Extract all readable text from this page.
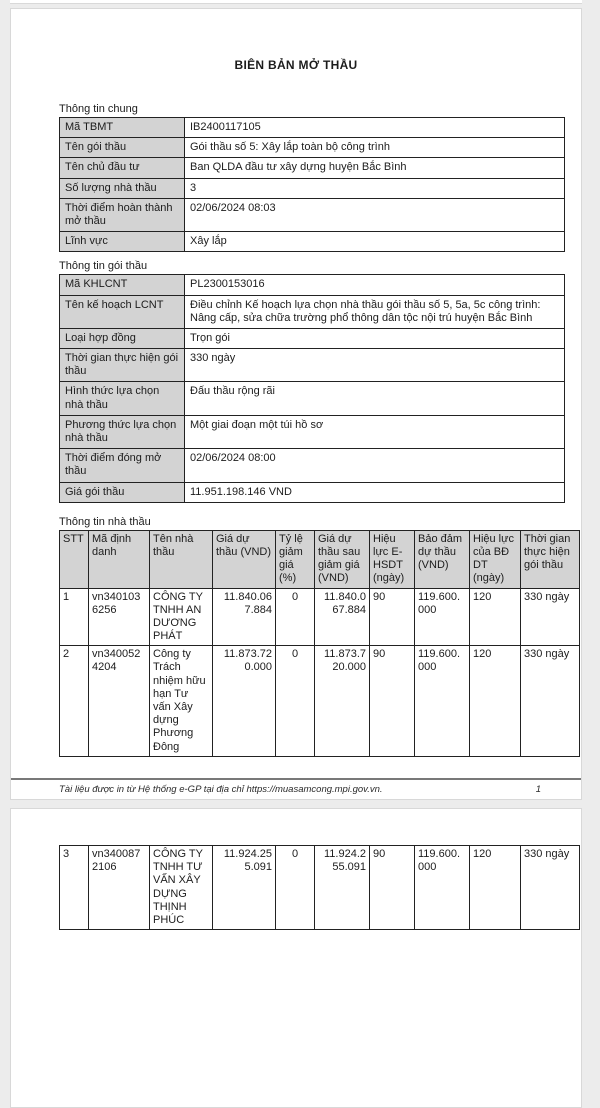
BIÊN BẢN MỞ THẦU
Thông tin chung
Mã TBMT	IB2400117105
Tên gói thầu	Gói thầu số 5: Xây lắp toàn bộ công trình
Tên chủ đầu tư	Ban QLDA đầu tư xây dựng huyện Bắc Bình
Số lượng nhà thầu	3
Thời điểm hoàn thành mở thầu	02/06/2024 08:03
Lĩnh vực	Xây lắp
Thông tin gói thầu
Mã KHLCNT	PL2300153016
Tên kế hoạch LCNT	Điều chỉnh Kế hoạch lựa chọn nhà thầu gói thầu số 5, 5a, 5c công trình: Nâng cấp, sửa chữa trường phổ thông dân tộc nội trú huyện Bắc Bình
Loại hợp đồng	Trọn gói
Thời gian thực hiện gói thầu	330 ngày
Hình thức lựa chọn nhà thầu	Đấu thầu rộng rãi
Phương thức lựa chọn nhà thầu	Một giai đoạn một túi hồ sơ
Thời điểm đóng mở thầu	02/06/2024 08:00
Giá gói thầu	11.951.198.146 VND
Thông tin nhà thầu
STT	Mã định danh	Tên nhà thầu	Giá dự thầu (VND)	Tỷ lệ giảm giá (%)	Giá dự thầu sau giảm giá (VND)	Hiệu lực E-HSDT (ngày)	Bảo đảm dự thầu (VND)	Hiệu lực của BĐ DT (ngày)	Thời gian thực hiện gói thầu
1	vn3401036256	CÔNG TY TNHH AN DƯƠNG PHÁT	11.840.067.884	0	11.840.067.884	90	119.600.000	120	330 ngày
2	vn3400524204	Công ty Trách nhiệm hữu hạn Tư vấn Xây dựng Phương Đông	11.873.720.000	0	11.873.720.000	90	119.600.000	120	330 ngày
Tài liệu được in từ Hệ thống e-GP tại địa chỉ https://muasamcong.mpi.gov.vn.	1
3	vn3400872106	CÔNG TY TNHH TƯ VẤN XÂY DỰNG THỊNH PHÚC	11.924.255.091	0	11.924.255.091	90	119.600.000	120	330 ngày
